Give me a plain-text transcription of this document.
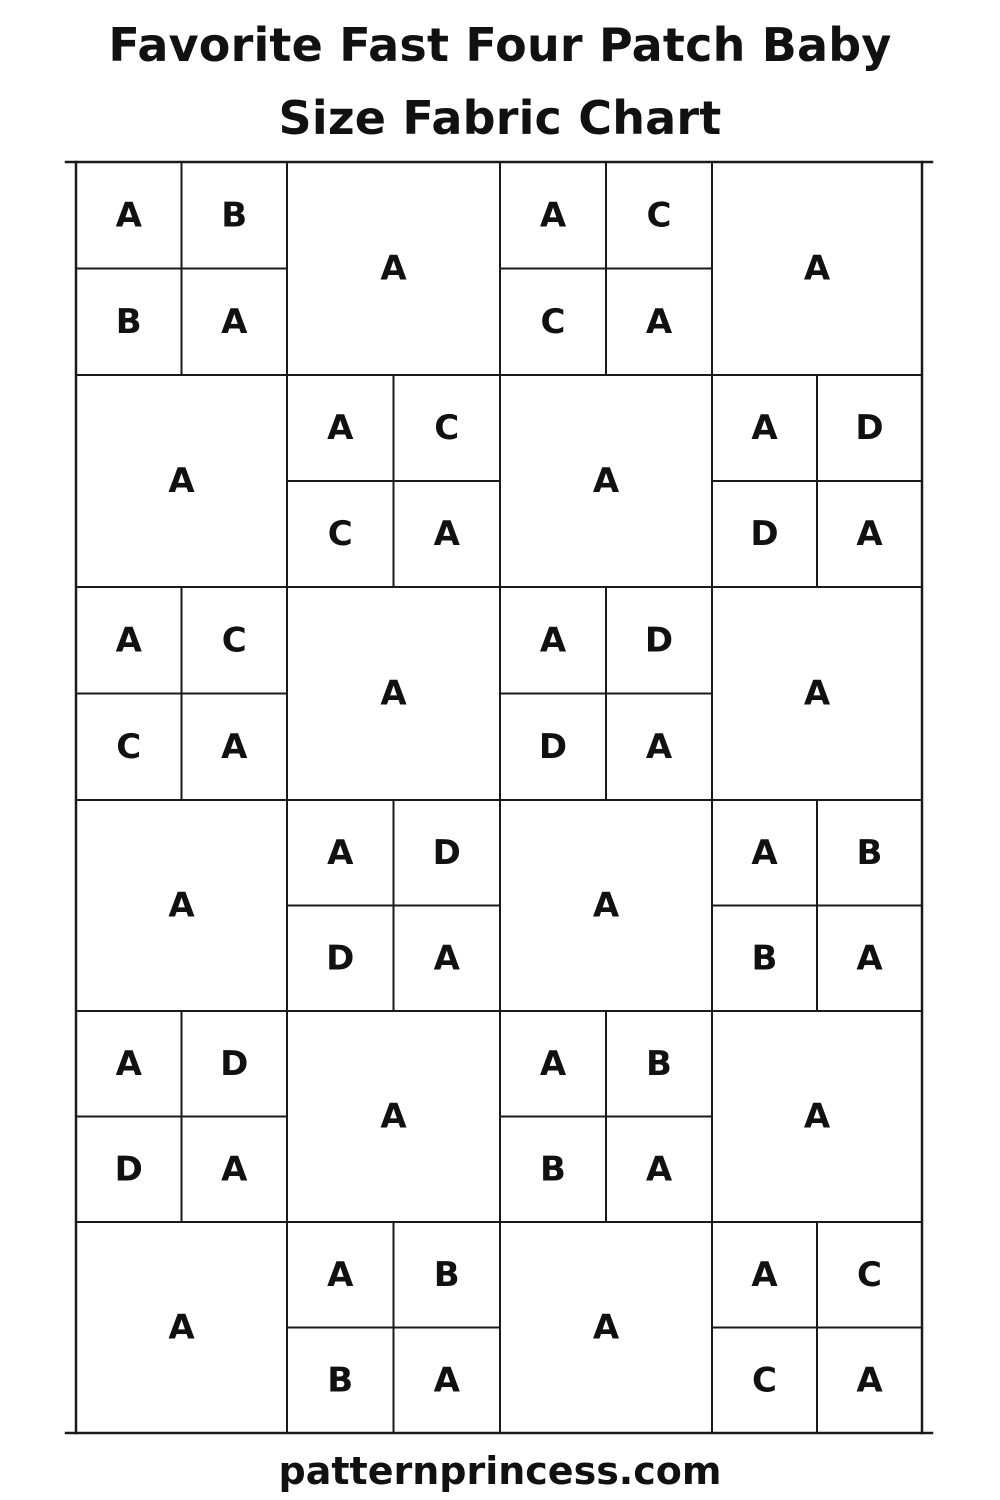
Favorite Fast Four Patch Baby
Size Fabric Chart
A B
B A
A
A C
C A
A
A
A C
C A
A
A D
D A
A C
C A
A
A D
D A
A
A
A D
D A
A
A B
B A
A D
D A
A
A B
B A
A
A
A B
B A
A
A C
C A
patternprincess.com
